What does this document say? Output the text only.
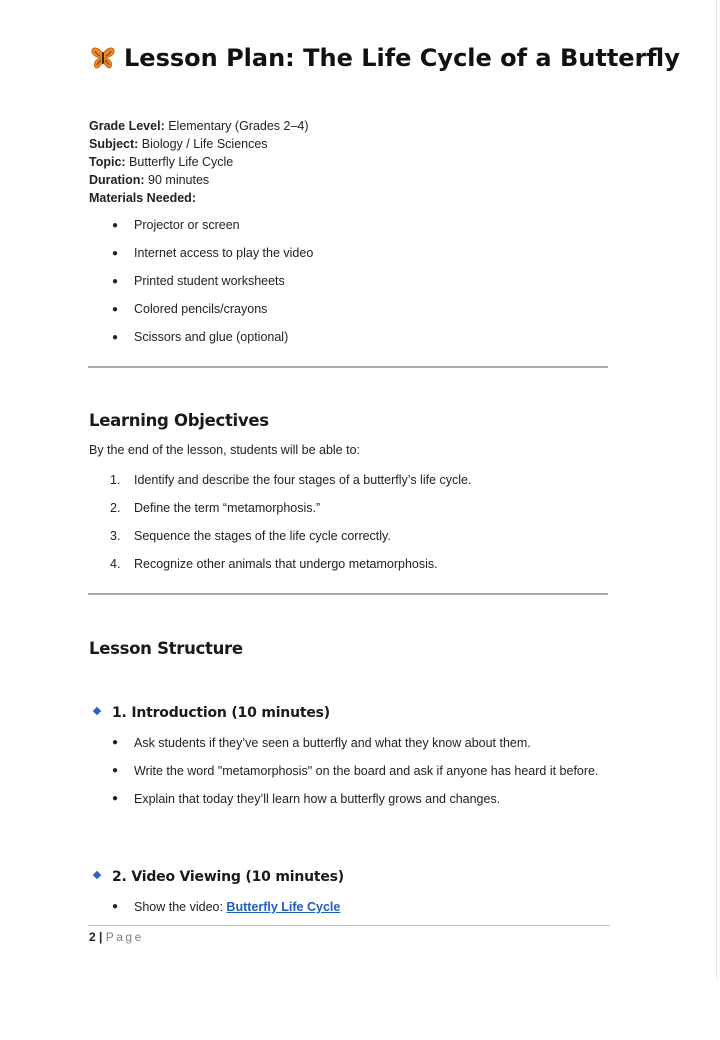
Lesson Plan: The Life Cycle of a Butterfly
Grade Level: Elementary (Grades 2–4)
Subject: Biology / Life Sciences
Topic: Butterfly Life Cycle
Duration: 90 minutes
Materials Needed:
● Projector or screen
● Internet access to play the video
● Printed student worksheets
● Colored pencils/crayons
● Scissors and glue (optional)
Learning Objectives
By the end of the lesson, students will be able to:
1. Identify and describe the four stages of a butterfly’s life cycle.
2. Define the term “metamorphosis.”
3. Sequence the stages of the life cycle correctly.
4. Recognize other animals that undergo metamorphosis.
Lesson Structure
1. Introduction (10 minutes)
●	Ask students if they’ve seen a butterfly and what they know about them.
●	Write the word "metamorphosis" on the board and ask if anyone has heard it before.
●	Explain that today they’ll learn how a butterfly grows and changes.
2. Video Viewing (10 minutes)
●	Show the video: Butterfly Life Cycle
2 | Page
